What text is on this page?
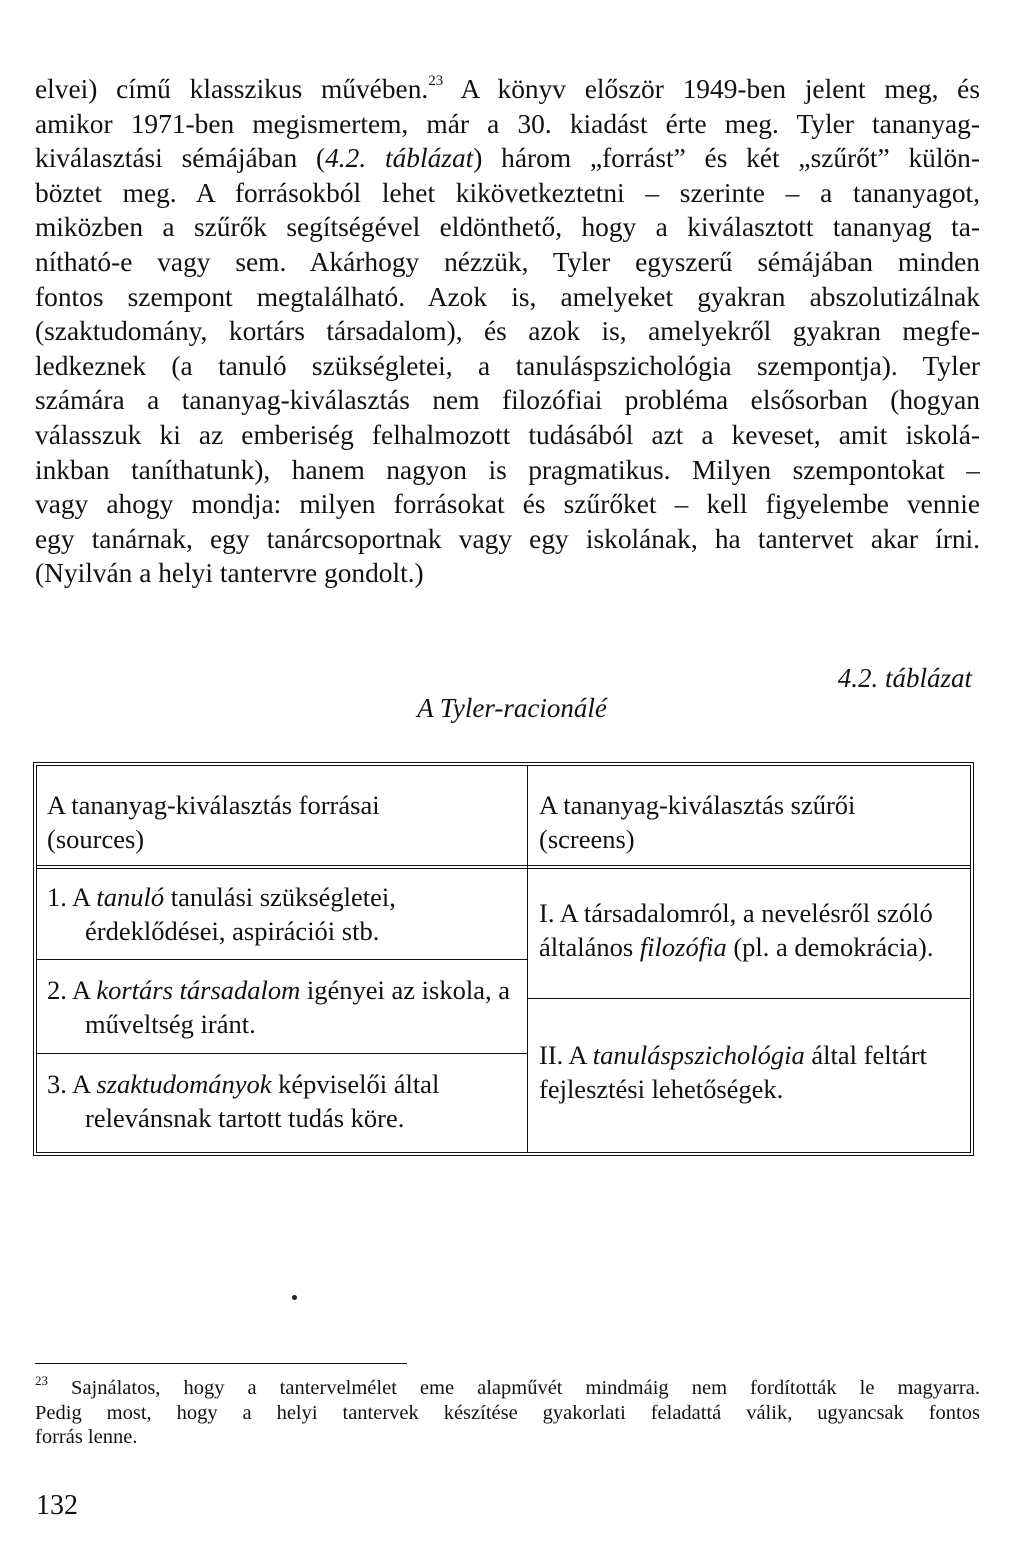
elvei) című klasszikus művében.$^{23}$ A könyv először 1949-ben jelent meg, és
amikor 1971-ben megismertem, már a 30. kiadást érte meg. Tyler tananyag-
kiválasztási sémájában (4.2. táblázat) három „forrást” és két „szűrőt” külön-
böztet meg. A forrásokból lehet kikövetkeztetni – szerinte – a tananyagot,
miközben a szűrők segítségével eldönthető, hogy a kiválasztott tananyag ta-
nítható-e vagy sem. Akárhogy nézzük, Tyler egyszerű sémájában minden
fontos szempont megtalálható. Azok is, amelyeket gyakran abszolutizálnak
(szaktudomány, kortárs társadalom), és azok is, amelyekről gyakran megfe-
ledkeznek (a tanuló szükségletei, a tanuláspszichológia szempontja). Tyler
számára a tananyag-kiválasztás nem filozófiai probléma elsősorban (hogyan
válasszuk ki az emberiség felhalmozott tudásából azt a keveset, amit iskolá-
inkban taníthatunk), hanem nagyon is pragmatikus. Milyen szempontokat –
vagy ahogy mondja: milyen forrásokat és szűrőket – kell figyelembe vennie
egy tanárnak, egy tanárcsoportnak vagy egy iskolának, ha tantervet akar írni.
(Nyilván a helyi tantervre gondolt.)
4.2. táblázat
A Tyler-racionálé
A tananyag-kiválasztás forrásai
(sources)
A tananyag-kiválasztás szűrői
(screens)
1. A tanuló tanulási szükségletei, érdeklődései, aspirációi stb.
2. A kortárs társadalom igényei az iskola, a műveltség iránt.
3. A szaktudományok képviselői által relevánsnak tartott tudás köre.
I. A társadalomról, a nevelésről szóló általános filozófia (pl. a demokrácia).
II. A tanuláspszichológia által feltárt fejlesztési lehetőségek.
$^{23}$ Sajnálatos, hogy a tantervelmélet eme alapművét mindmáig nem fordították le magyarra.
Pedig most, hogy a helyi tantervek készítése gyakorlati feladattá válik, ugyancsak fontos
forrás lenne.
132
